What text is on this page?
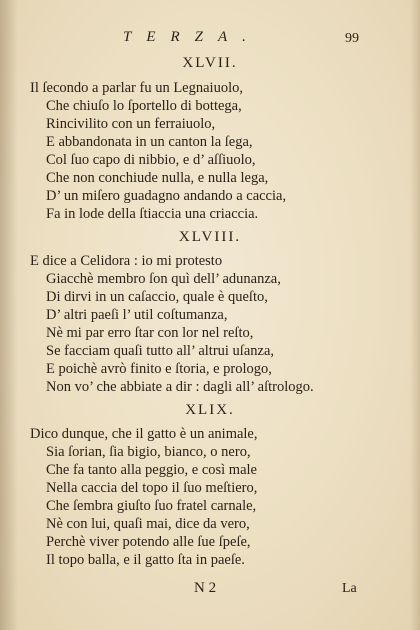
TERZA.	99
XLVII.
Il ſecondo a parlar fu un Legnaiuolo,
Che chiuſo lo ſportello di bottega,
Rincivilito con un ferraiuolo,
E abbandonata in un canton la ſega,
Col ſuo capo di nibbio, e d’ aſſiuolo,
Che non conchiude nulla, e nulla lega,
D’ un miſero guadagno andando a caccia,
Fa in lode della ſtiaccia una criaccia.
XLVIII.
E dice a Celidora : io mi protesto
Giacchè membro ſon quì dell’ adunanza,
Di dirvi in un caſaccio, quale è queſto,
D’ altri paeſi l’ util coſtumanza,
Nè mi par erro ſtar con lor nel reſto,
Se facciam quaſi tutto all’ altrui uſanza,
E poichè avrò finito e ſtoria, e prologo,
Non vo’ che abbiate a dir : dagli all’ aſtrologo.
XLIX.
Dico dunque, che il gatto è un animale,
Sia ſorian, ſia bigio, bianco, o nero,
Che fa tanto alla peggio, e così male
Nella caccia del topo il ſuo meſtiero,
Che ſembra giuſto ſuo fratel carnale,
Nè con lui, quaſi mai, dice da vero,
Perchè viver potendo alle ſue ſpeſe,
Il topo balla, e il gatto ſta in paeſe.
N 2	La
